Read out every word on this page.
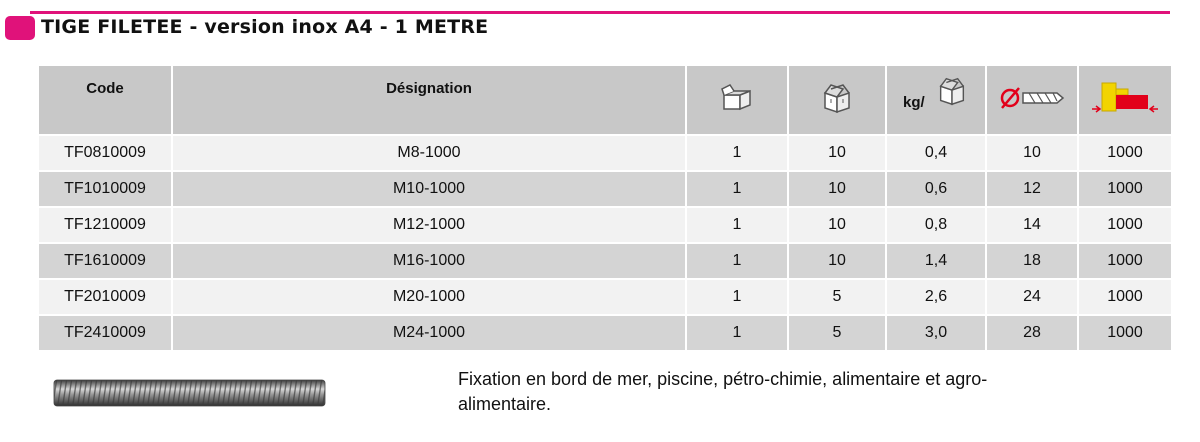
TIGE FILETEE - version inox A4 - 1 METRE
Code	Désignation			kg/

TF0810009	M8-1000	1	10	0,4	10	1000
TF1010009	M10-1000	1	10	0,6	12	1000
TF1210009	M12-1000	1	10	0,8	14	1000
TF1610009	M16-1000	1	10	1,4	18	1000
TF2010009	M20-1000	1	5	2,6	24	1000
TF2410009	M24-1000	1	5	3,0	28	1000
Fixation en bord de mer, piscine, pétro-chimie, alimentaire et agro-alimentaire.
